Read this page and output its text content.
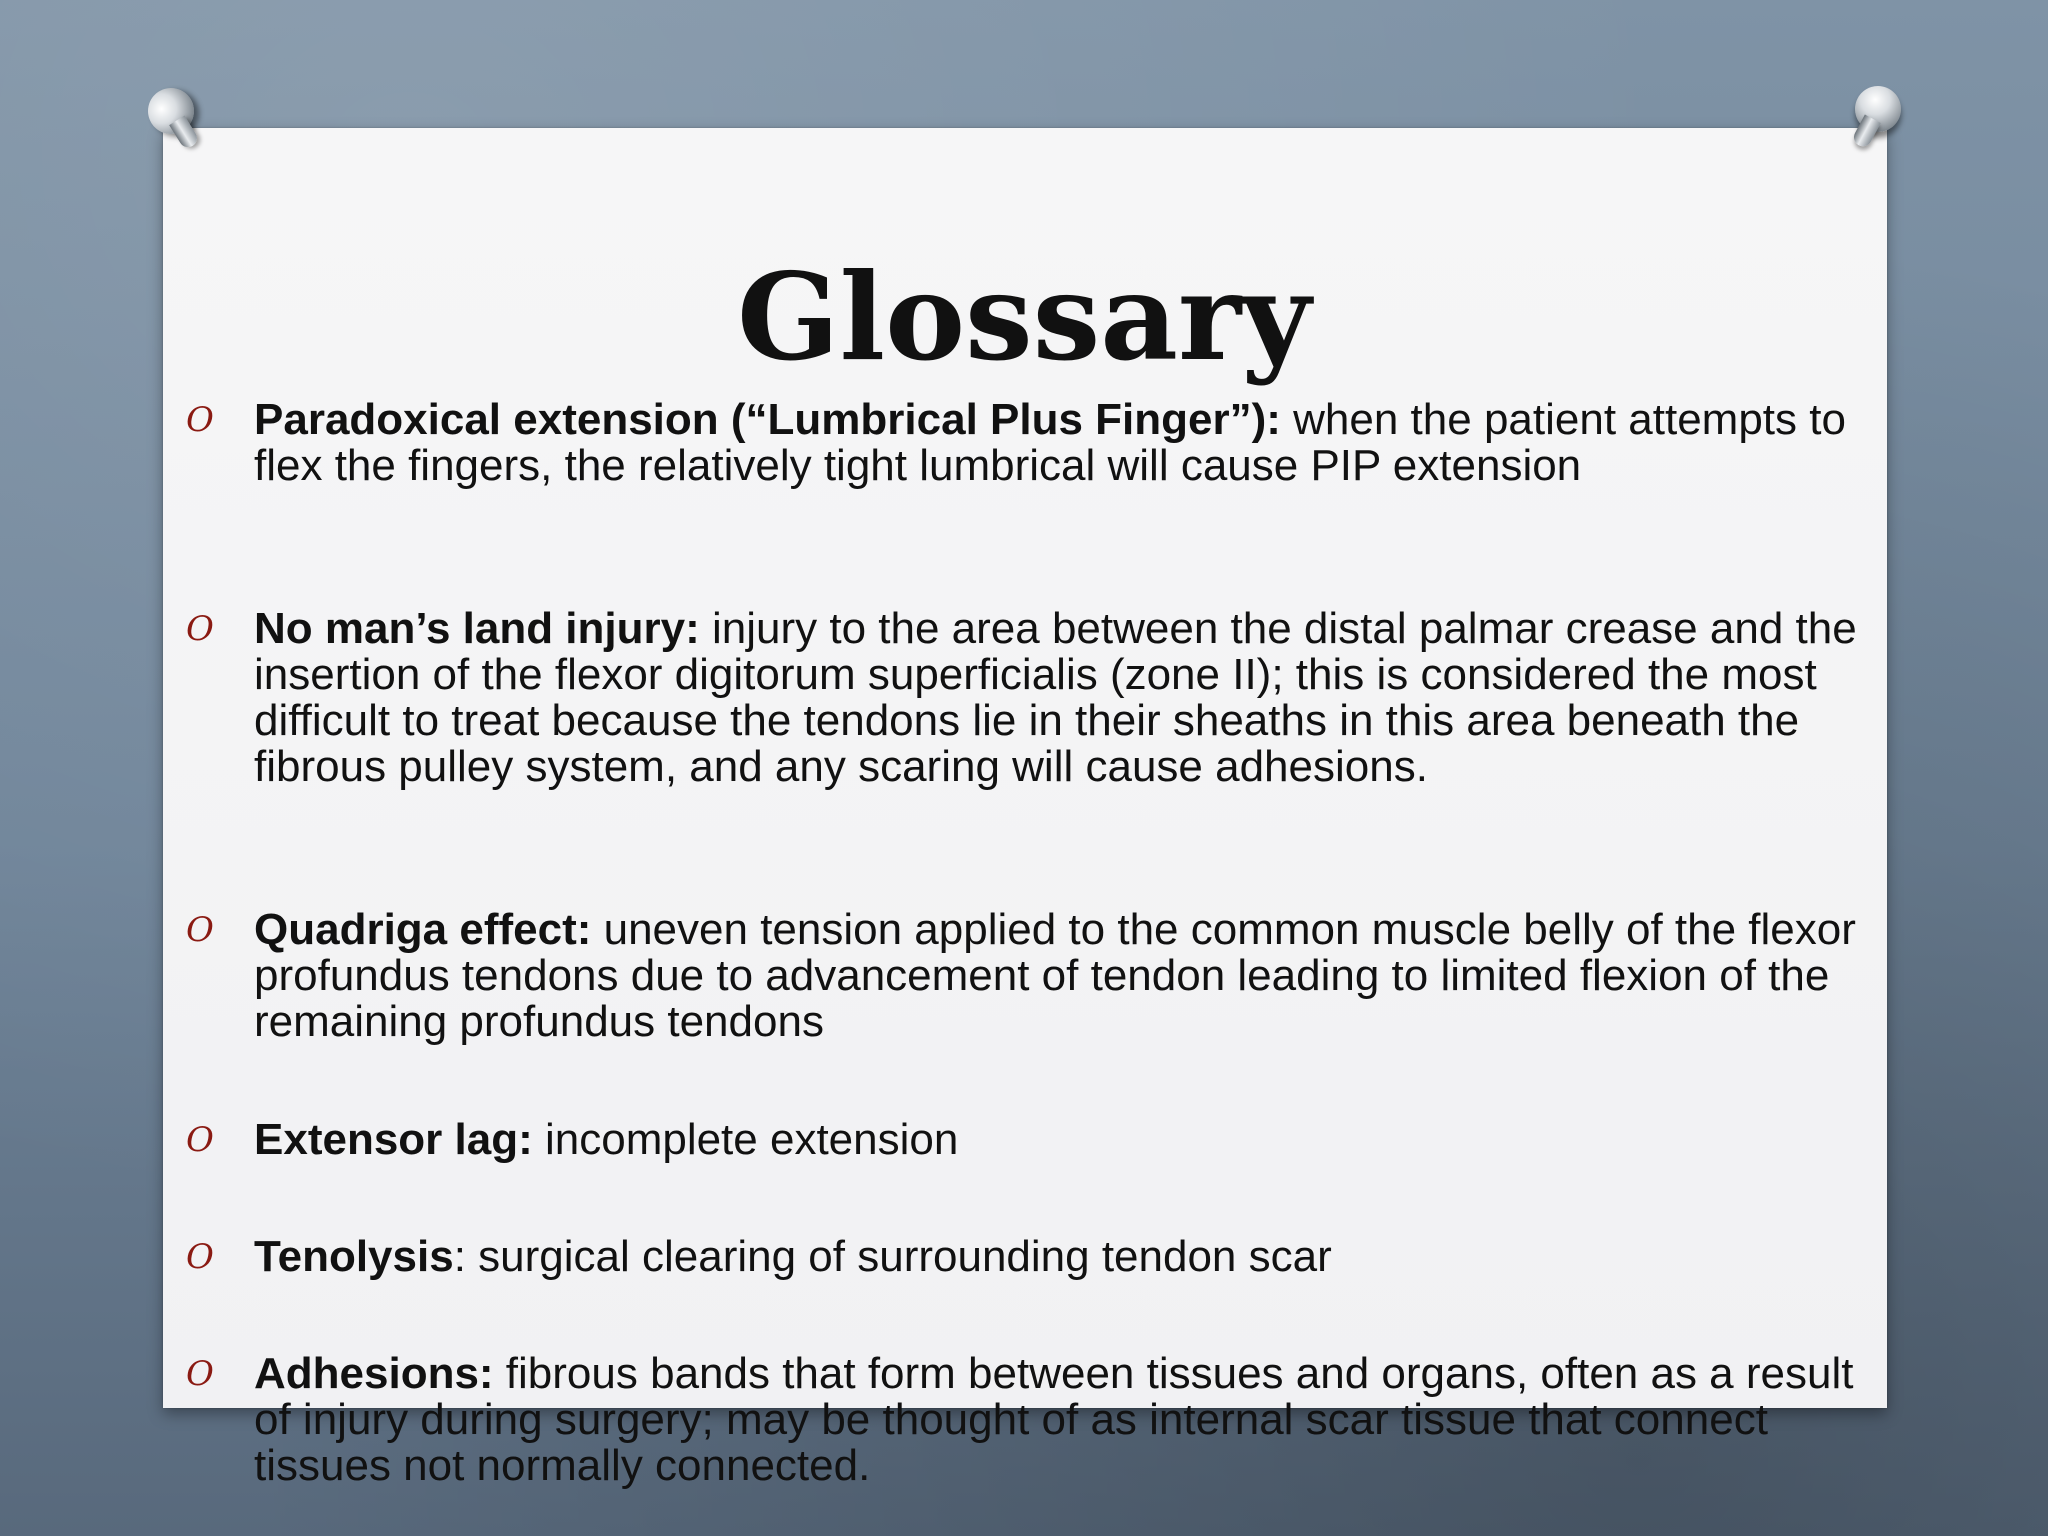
Glossary
O Paradoxical extension (“Lumbrical Plus Finger”): when the patient attempts to flex the fingers, the relatively tight lumbrical will cause PIP extension
O No man’s land injury: injury to the area between the distal palmar crease and the insertion of the flexor digitorum superficialis (zone II); this is considered the most difficult to treat because the tendons lie in their sheaths in this area beneath the fibrous pulley system, and any scaring will cause adhesions.
O Quadriga effect: uneven tension applied to the common muscle belly of the flexor profundus tendons due to advancement of tendon leading to limited flexion of the remaining profundus tendons
O Extensor lag: incomplete extension
O Tenolysis: surgical clearing of surrounding tendon scar
O Adhesions: fibrous bands that form between tissues and organs, often as a result of injury during surgery; may be thought of as internal scar tissue that connect tissues not normally connected.
